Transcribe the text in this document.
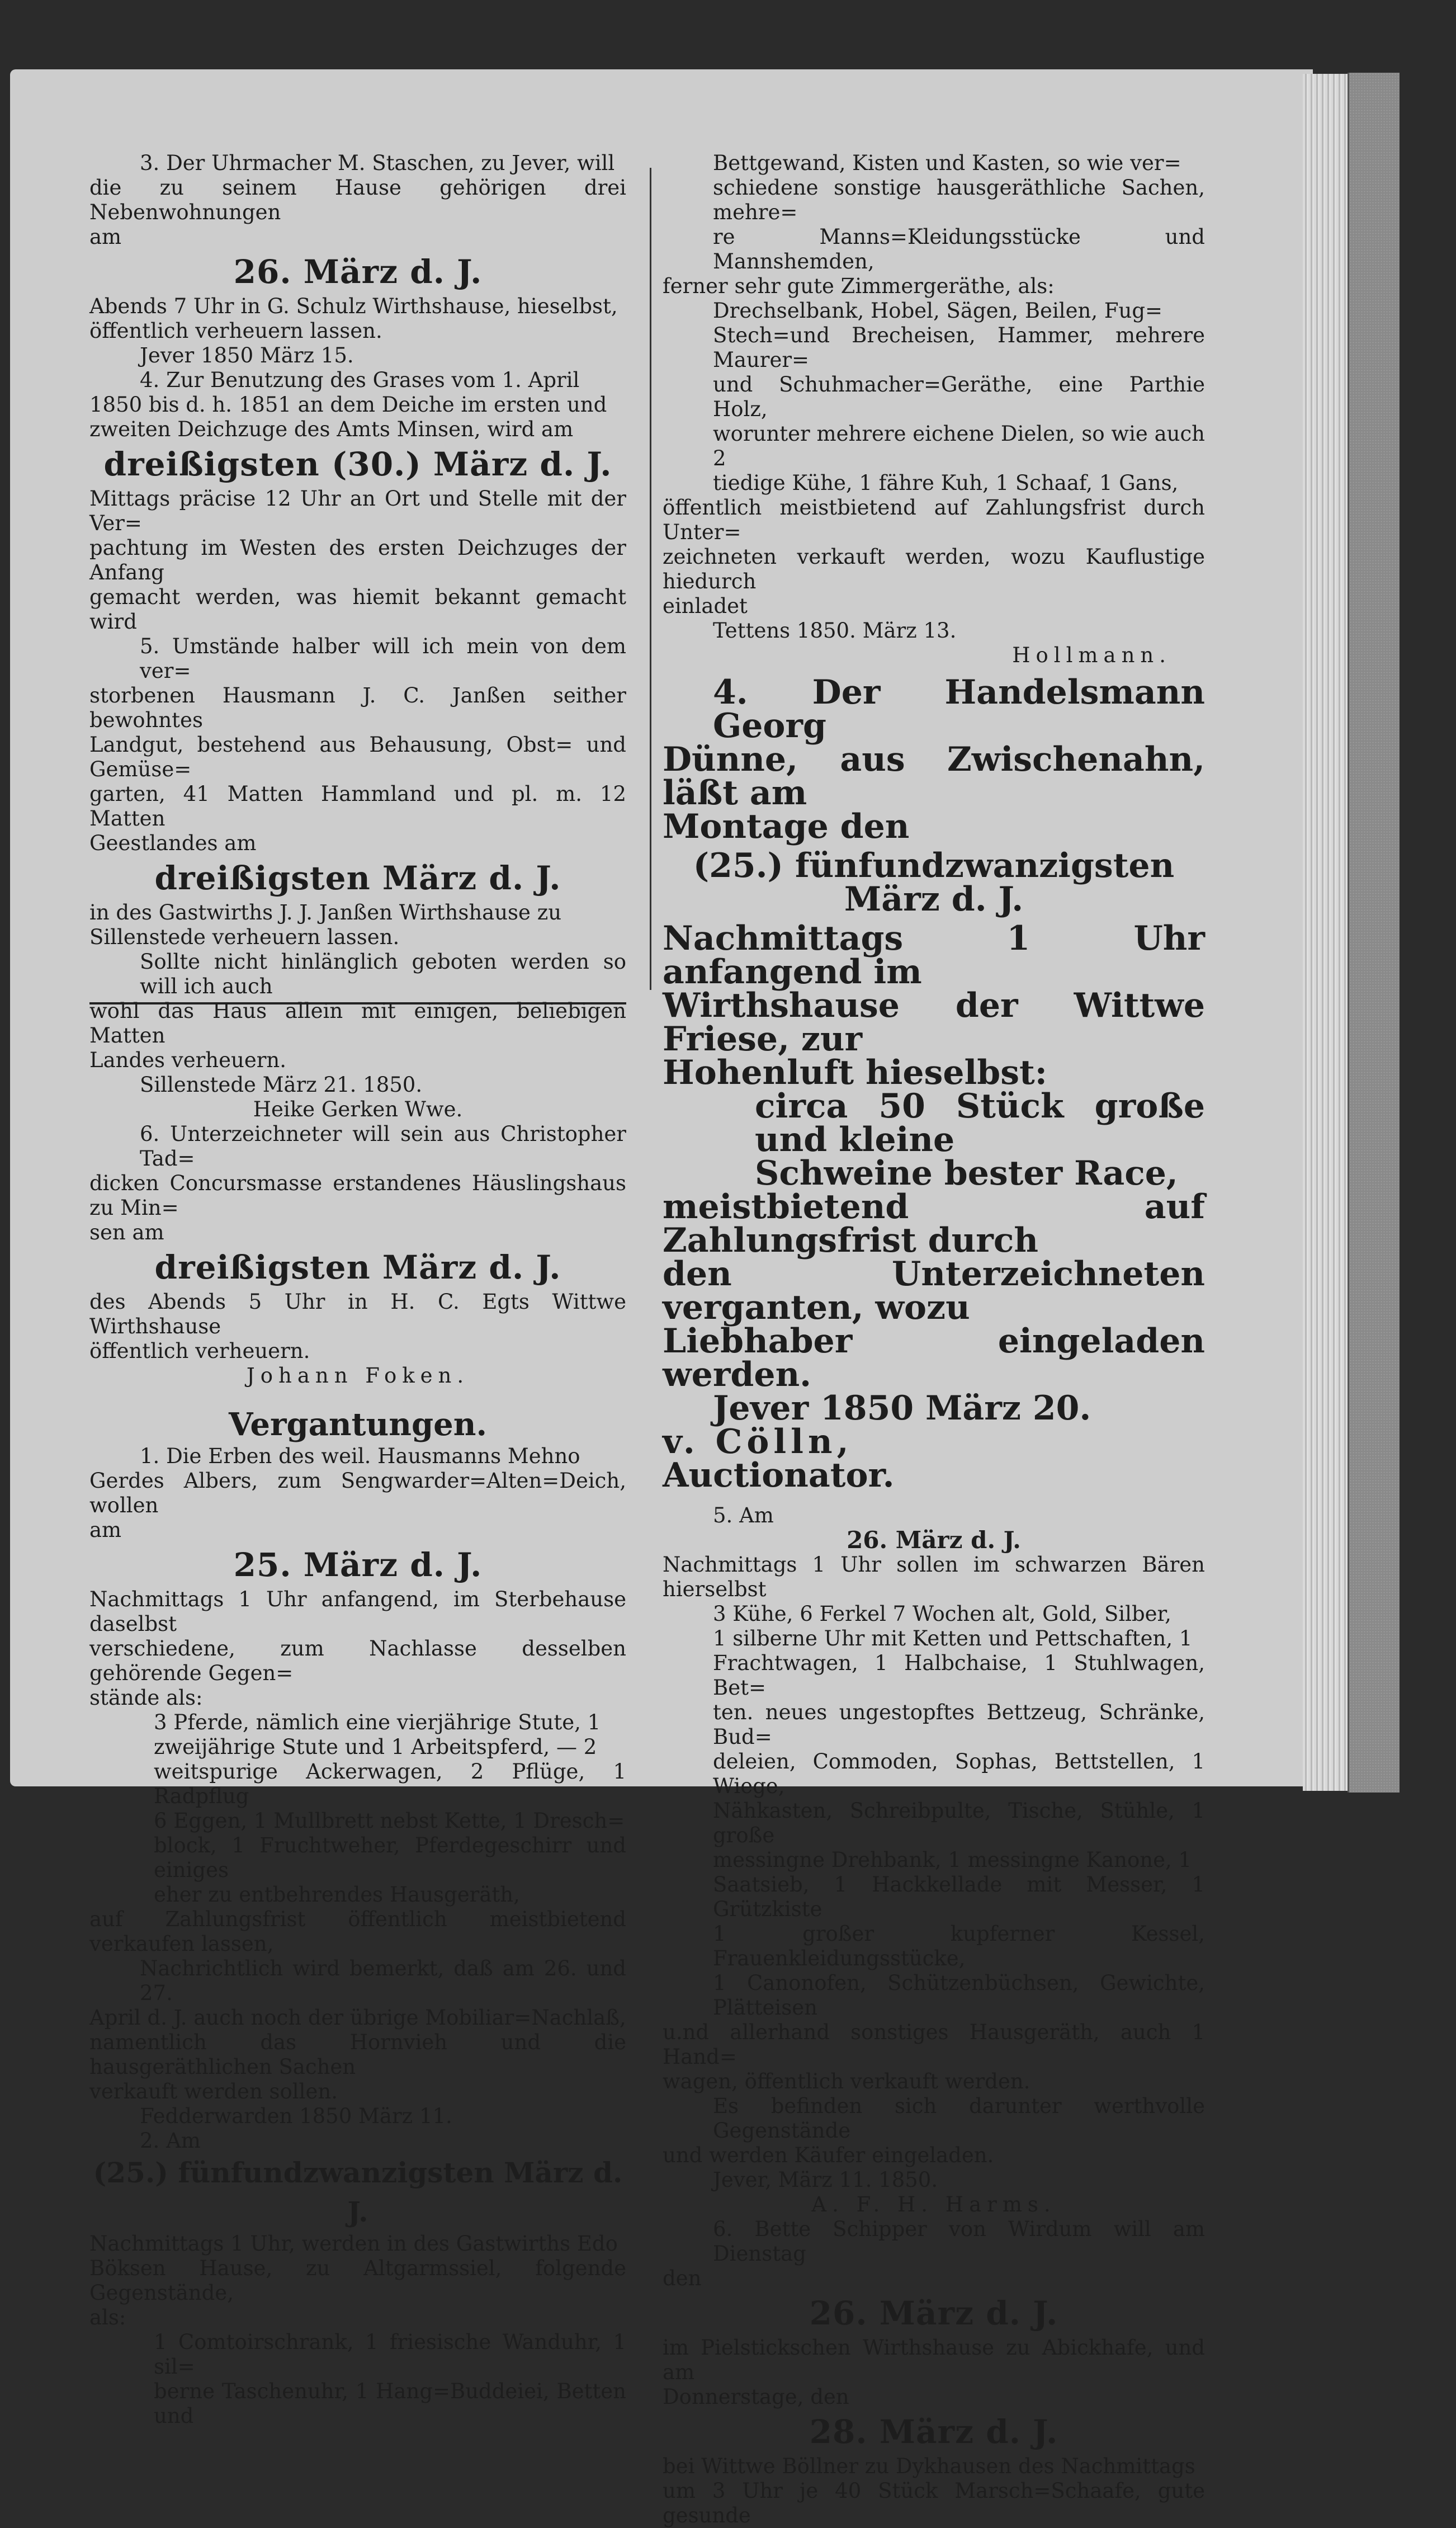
3. Der Uhrmacher M. Staschen, zu Jever, will

die zu seinem Hause gehörigen drei Nebenwohnungen

am

26. März d. J.

Abends 7 Uhr in G. Schulz Wirthshause, hieselbst,

öffentlich verheuern lassen.

Jever 1850 März 15.

4. Zur Benutzung des Grases vom 1. April

1850 bis d. h. 1851 an dem Deiche im ersten und

zweiten Deichzuge des Amts Minsen, wird am

dreißigsten (30.) März d. J.

Mittags präcise 12 Uhr an Ort und Stelle mit der Ver=

pachtung im Westen des ersten Deichzuges der Anfang

gemacht werden, was hiemit bekannt gemacht wird

5. Umstände halber will ich mein von dem ver=

storbenen Hausmann J. C. Janßen seither bewohntes

Landgut, bestehend aus Behausung, Obst= und Gemüse=

garten, 41 Matten Hammland und pl. m. 12 Matten

Geestlandes am

dreißigsten März d. J.

in des Gastwirths J. J. Janßen Wirthshause zu

Sillenstede verheuern lassen.

Sollte nicht hinlänglich geboten werden so will ich auch

wohl das Haus allein mit einigen, beliebigen Matten

Landes verheuern.

Sillenstede März 21. 1850.

Heike Gerken Wwe.

6. Unterzeichneter will sein aus Christopher Tad=

dicken Concursmasse erstandenes Häuslingshaus zu Min=

sen am

dreißigsten März d. J.

des Abends 5 Uhr in H. C. Egts Wittwe Wirthshause

öffentlich verheuern.

Johann Foken.

Vergantungen.

1. Die Erben des weil. Hausmanns Mehno

Gerdes Albers, zum Sengwarder=Alten=Deich, wollen

am

25. März d. J.

Nachmittags 1 Uhr anfangend, im Sterbehause daselbst

verschiedene, zum Nachlasse desselben gehörende Gegen=

stände als:

3 Pferde, nämlich eine vierjährige Stute, 1

zweijährige Stute und 1 Arbeitspferd, — 2

weitspurige Ackerwagen, 2 Pflüge, 1 Radpflug

6 Eggen, 1 Mullbrett nebst Kette, 1 Dresch=

block, 1 Fruchtweher, Pferdegeschirr und einiges

eher zu entbehrendes Hausgeräth,

auf Zahlungsfrist öffentlich meistbietend verkaufen lassen,

Nachrichtlich wird bemerkt, daß am 26. und 27.

April d. J. auch noch der übrige Mobiliar=Nachlaß,

namentlich das Hornvieh und die hausgeräthlichen Sachen

verkauft werden sollen.

Fedderwarden 1850 März 11.

2. Am

(25.) fünfundzwanzigsten März d. J.

Nachmittags 1 Uhr, werden in des Gastwirths Edo

Böksen Hause, zu Altgarmssiel, folgende Gegenstände,

als:

1 Comtoirschrank, 1 friesische Wanduhr, 1 sil=

berne Taschenuhr, 1 Hang=Buddeiei, Betten und

Bettgewand, Kisten und Kasten, so wie ver=

schiedene sonstige hausgeräthliche Sachen, mehre=

re Manns=Kleidungsstücke und Mannshemden,

ferner sehr gute Zimmergeräthe, als:

Drechselbank, Hobel, Sägen, Beilen, Fug=

Stech=und Brecheisen, Hammer, mehrere Maurer=

und Schuhmacher=Geräthe, eine Parthie Holz,

worunter mehrere eichene Dielen, so wie auch 2

tiedige Kühe, 1 fähre Kuh, 1 Schaaf, 1 Gans,

öffentlich meistbietend auf Zahlungsfrist durch Unter=

zeichneten verkauft werden, wozu Kauflustige hiedurch

einladet

Tettens 1850. März 13.

Hollmann.

4. Der Handelsmann Georg

Dünne, aus Zwischenahn, läßt am

Montage den

(25.) fünfundzwanzigsten März d. J.

Nachmittags 1 Uhr anfangend im

Wirthshause der Wittwe Friese, zur

Hohenluft hieselbst:

circa 50 Stück große und kleine

Schweine bester Race,

meistbietend auf Zahlungsfrist durch

den Unterzeichneten verganten, wozu

Liebhaber eingeladen werden.

Jever 1850 März 20.

v. Cölln,

Auctionator.

5. Am

26. März d. J.

Nachmittags 1 Uhr sollen im schwarzen Bären hierselbst

3 Kühe, 6 Ferkel 7 Wochen alt, Gold, Silber,

1 silberne Uhr mit Ketten und Pettschaften, 1

Frachtwagen, 1 Halbchaise, 1 Stuhlwagen, Bet=

ten. neues ungestopftes Bettzeug, Schränke, Bud=

deleien, Commoden, Sophas, Bettstellen, 1 Wiege,

Nähkasten, Schreibpulte, Tische, Stühle, 1 große

messingne Drehbank, 1 messingne Kanone, 1

Saatsieb, 1 Hackkellade mit Messer, 1 Grützkiste

1 großer kupferner Kessel, Frauenkleidungsstücke,

1 Canonofen, Schützenbüchsen, Gewichte, Plätteisen

u.nd allerhand sonstiges Hausgeräth, auch 1 Hand=

wagen, öffentlich verkauft werden.

Es befinden sich darunter werthvolle Gegenstände

und werden Käufer eingeladen.

Jever, März 11. 1850.

A. F. H. Harms.

6. Bette Schipper von Wirdum will am Dienstag

den

26. März d. J.

im Pielstickschen Wirthshause zu Abickhafe, und am

Donnerstage, den

28. März d. J.

bei Wittwe Böllner zu Dykhausen des Nachmittags

um 3 Uhr je 40 Stück Marsch=Schaafe, gute gesunde
